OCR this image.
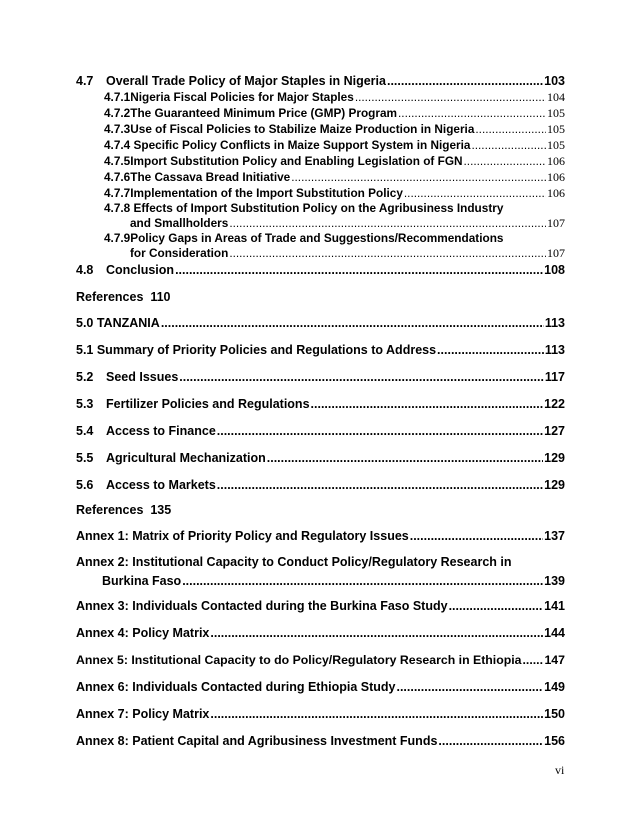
4.7	Overall Trade Policy of Major Staples in Nigeria .....	103
4.7.1Nigeria Fiscal Policies for Major Staples .....	104
4.7.2The Guaranteed Minimum Price (GMP) Program .....	105
4.7.3Use of Fiscal Policies to Stabilize Maize Production in Nigeria .....	105
4.7.4 Specific Policy Conflicts in Maize Support System in Nigeria .....	105
4.7.5Import Substitution Policy and Enabling Legislation of FGN .....	106
4.7.6The Cassava Bread Initiative .....	106
4.7.7Implementation of the Import Substitution Policy .....	106
4.7.8 Effects of Import Substitution Policy on the Agribusiness Industry
and Smallholders .....	107
4.7.9Policy Gaps in Areas of Trade and Suggestions/Recommendations
for Consideration .....	107
4.8	Conclusion .....	108
References  110
5.0 TANZANIA .....	113
5.1 Summary of Priority Policies and Regulations to Address .....	113
5.2	Seed Issues .....	117
5.3	Fertilizer Policies and Regulations .....	122
5.4	Access to Finance .....	127
5.5	Agricultural Mechanization .....	129
5.6	Access to Markets .....	129
References  135
Annex 1: Matrix of Priority Policy and Regulatory Issues .....	137
Annex 2: Institutional Capacity to Conduct Policy/Regulatory Research in
Burkina Faso .....	139
Annex 3: Individuals Contacted during the Burkina Faso Study .....	141
Annex 4: Policy Matrix .....	144
Annex 5: Institutional Capacity to do Policy/Regulatory Research in Ethiopia ..... 147
Annex 6: Individuals Contacted during Ethiopia Study .....	149
Annex 7: Policy Matrix .....	150
Annex 8: Patient Capital and Agribusiness Investment Funds .....	156
vi
